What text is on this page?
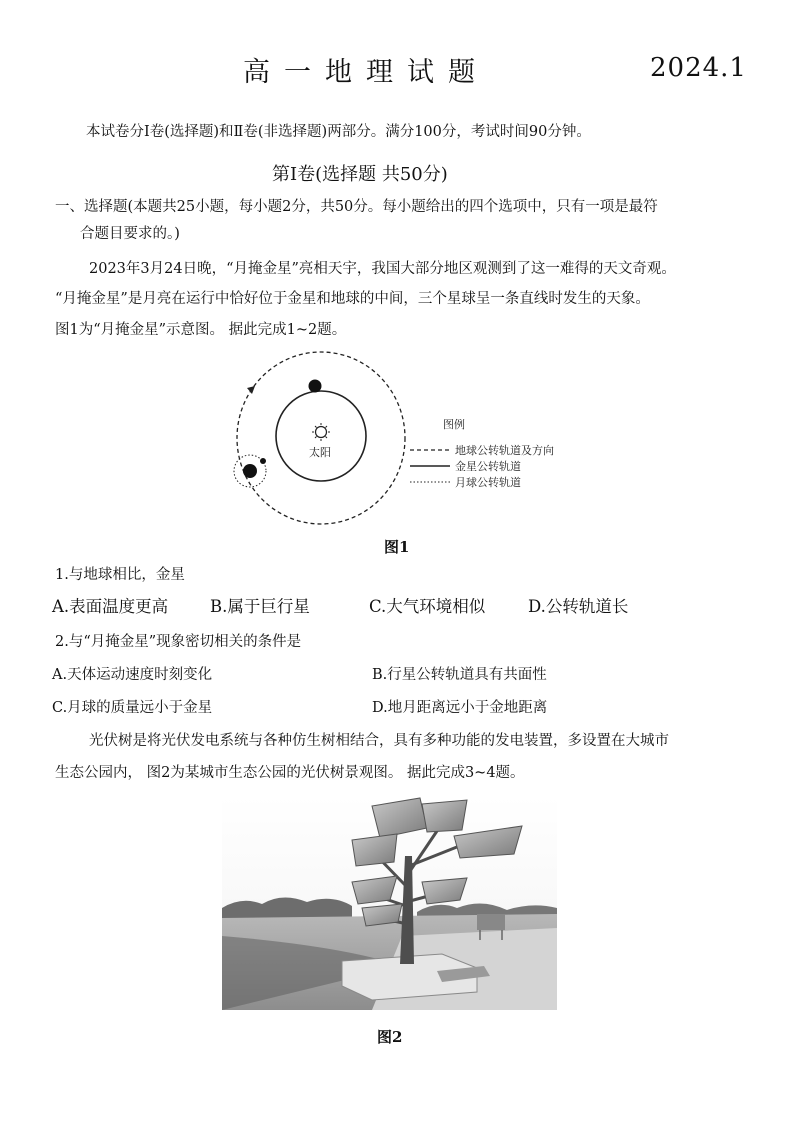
高一地理试题	2024.1
本试卷分Ⅰ卷(选择题)和Ⅱ卷(非选择题)两部分。满分100分，考试时间90分钟。
第Ⅰ卷(选择题 共50分)
一、选择题(本题共25小题，每小题2分，共50分。每小题给出的四个选项中，只有一项是最符
合题目要求的。)
2023年3月24日晚，“月掩金星”亮相天宇，我国大部分地区观测到了这一难得的天文奇观。
“月掩金星”是月亮在运行中恰好位于金星和地球的中间，三个星球呈一条直线时发生的天象。
图1为“月掩金星”示意图。 据此完成1~2题。
太阳
图例
地球公转轨道及方向
金星公转轨道
月球公转轨道
图1
1.与地球相比，金星
A.表面温度更高	B.属于巨行星	C.大气环境相似	D.公转轨道长
2.与“月掩金星”现象密切相关的条件是
A.天体运动速度时刻变化	B.行星公转轨道具有共面性
C.月球的质量远小于金星	D.地月距离远小于金地距离
光伏树是将光伏发电系统与各种仿生树相结合，具有多种功能的发电装置，多设置在大城市
生态公园内， 图2为某城市生态公园的光伏树景观图。 据此完成3~4题。
图2
